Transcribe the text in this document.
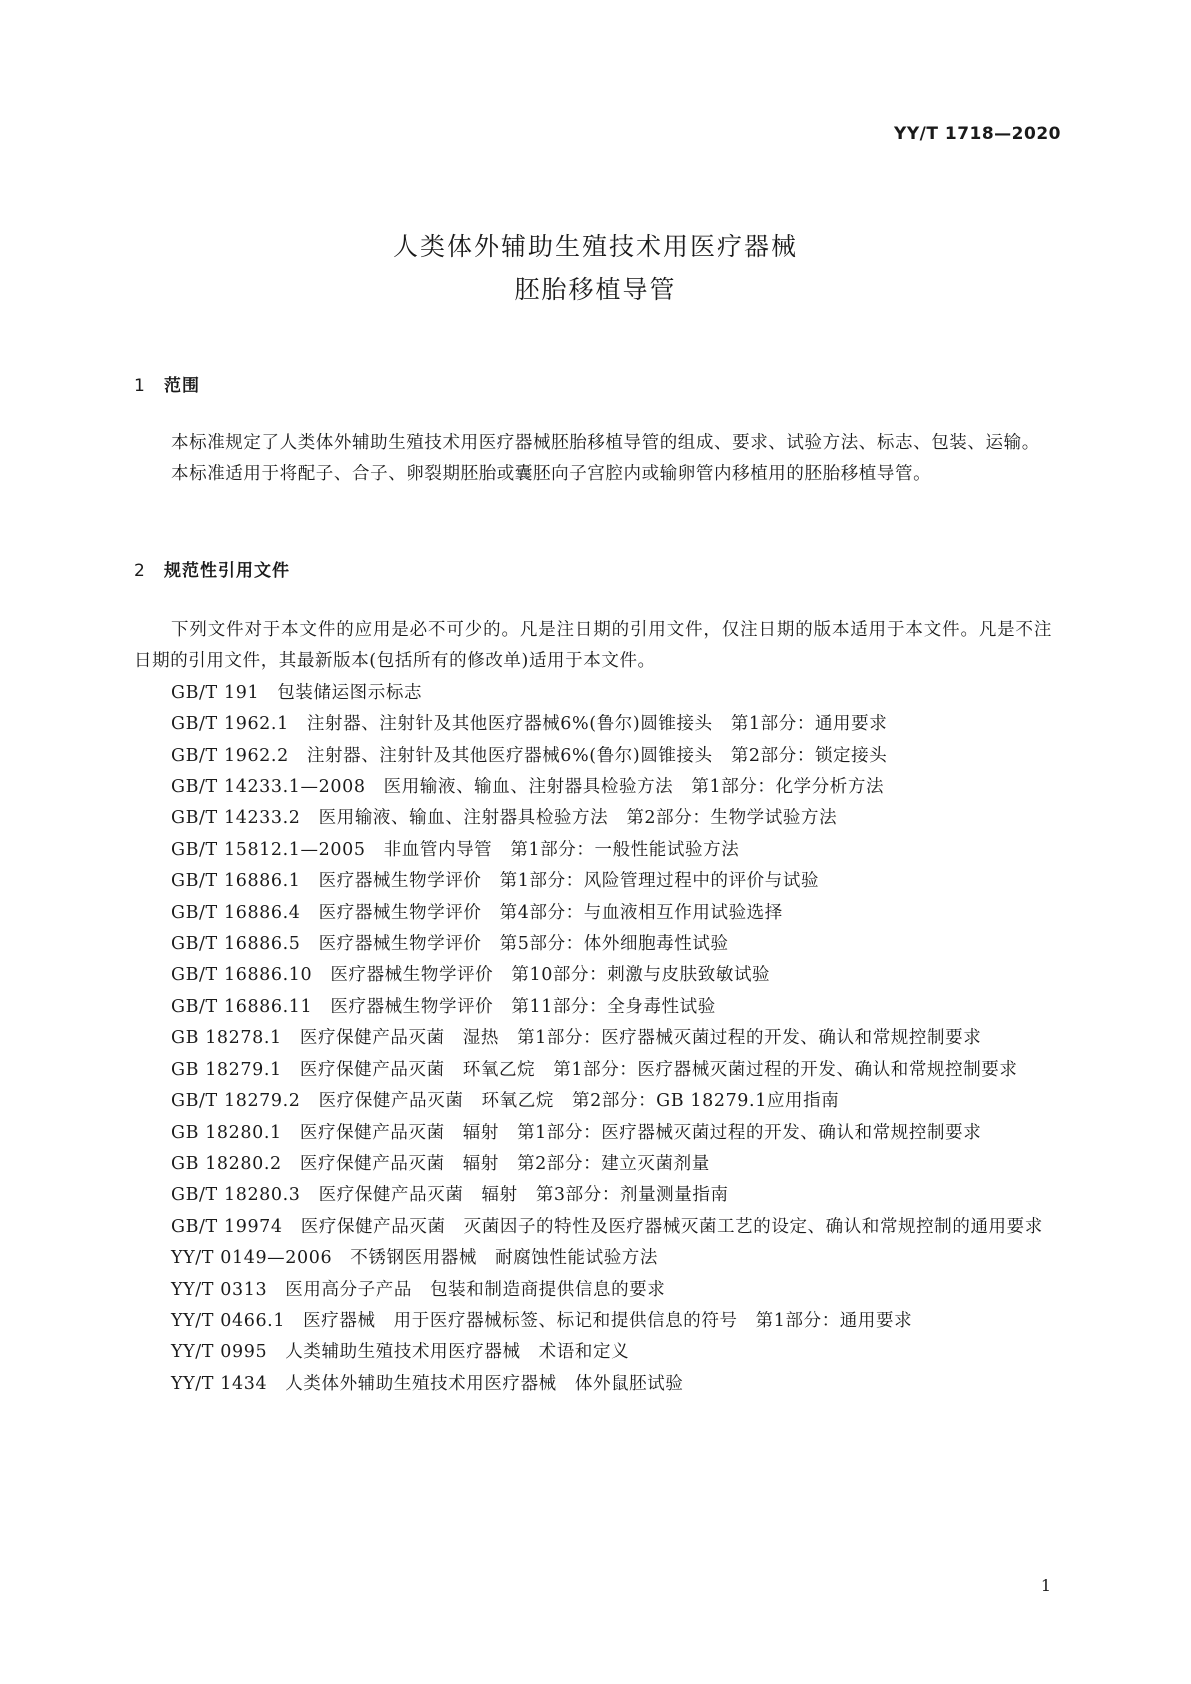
YY/T 1718—2020
人类体外辅助生殖技术用医疗器械
胚胎移植导管
1 范围

本标准规定了人类体外辅助生殖技术用医疗器械胚胎移植导管的组成、要求、试验方法、标志、包装、运输。

本标准适用于将配子、合子、卵裂期胚胎或囊胚向子宫腔内或输卵管内移植用的胚胎移植导管。

2 规范性引用文件

下列文件对于本文件的应用是必不可少的。凡是注日期的引用文件，仅注日期的版本适用于本文件。凡是不注日期的引用文件，其最新版本(包括所有的修改单)适用于本文件。

GB/T 191　包装储运图示标志

GB/T 1962.1　注射器、注射针及其他医疗器械6%(鲁尔)圆锥接头　第1部分：通用要求

GB/T 1962.2　注射器、注射针及其他医疗器械6%(鲁尔)圆锥接头　第2部分：锁定接头

GB/T 14233.1—2008　医用输液、输血、注射器具检验方法　第1部分：化学分析方法

GB/T 14233.2　医用输液、输血、注射器具检验方法　第2部分：生物学试验方法

GB/T 15812.1—2005　非血管内导管　第1部分：一般性能试验方法

GB/T 16886.1　医疗器械生物学评价　第1部分：风险管理过程中的评价与试验

GB/T 16886.4　医疗器械生物学评价　第4部分：与血液相互作用试验选择

GB/T 16886.5　医疗器械生物学评价　第5部分：体外细胞毒性试验

GB/T 16886.10　医疗器械生物学评价　第10部分：刺激与皮肤致敏试验

GB/T 16886.11　医疗器械生物学评价　第11部分：全身毒性试验

GB 18278.1　医疗保健产品灭菌　湿热　第1部分：医疗器械灭菌过程的开发、确认和常规控制要求

GB 18279.1　医疗保健产品灭菌　环氧乙烷　第1部分：医疗器械灭菌过程的开发、确认和常规控制要求

GB/T 18279.2　医疗保健产品灭菌　环氧乙烷　第2部分：GB 18279.1应用指南

GB 18280.1　医疗保健产品灭菌　辐射　第1部分：医疗器械灭菌过程的开发、确认和常规控制要求

GB 18280.2　医疗保健产品灭菌　辐射　第2部分：建立灭菌剂量

GB/T 18280.3　医疗保健产品灭菌　辐射　第3部分：剂量测量指南

GB/T 19974　医疗保健产品灭菌　灭菌因子的特性及医疗器械灭菌工艺的设定、确认和常规控制的通用要求

YY/T 0149—2006　不锈钢医用器械　耐腐蚀性能试验方法

YY/T 0313　医用高分子产品　包装和制造商提供信息的要求

YY/T 0466.1　医疗器械　用于医疗器械标签、标记和提供信息的符号　第1部分：通用要求

YY/T 0995　人类辅助生殖技术用医疗器械　术语和定义

YY/T 1434　人类体外辅助生殖技术用医疗器械　体外鼠胚试验

1
